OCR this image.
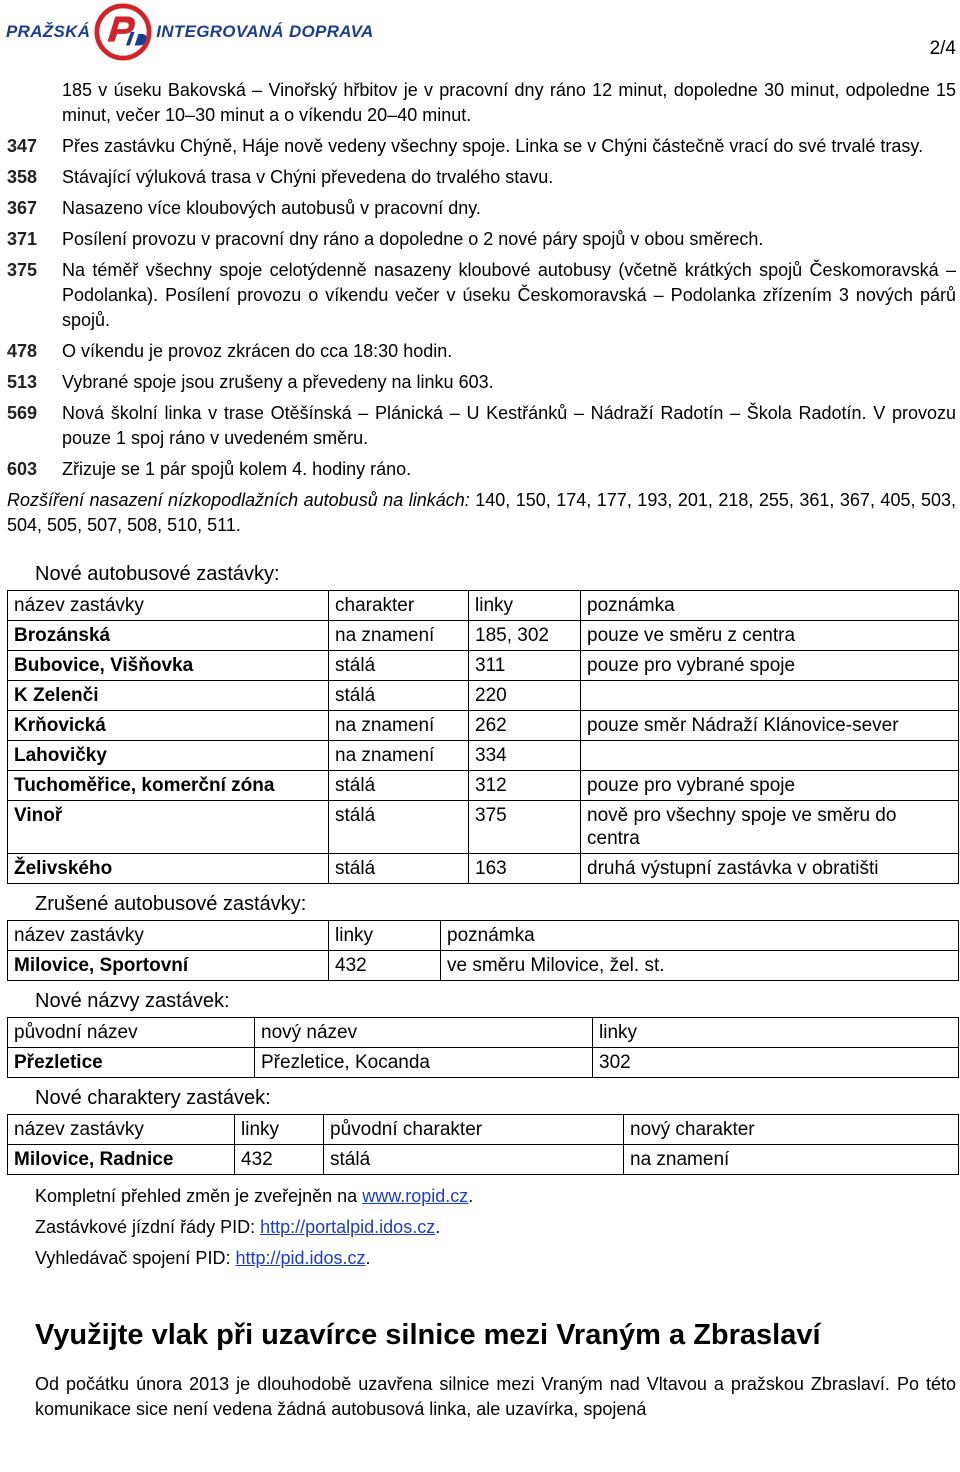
PRAŽSKÁ	INTEGROVANÁ DOPRAVA
2/4
185 v úseku Bakovská – Vinořský hřbitov je v pracovní dny ráno 12 minut, dopoledne 30 minut, odpoledne 15 minut, večer 10–30 minut a o víkendu 20–40 minut.
347	Přes zastávku Chýně, Háje nově vedeny všechny spoje. Linka se v Chýni částečně vrací do své trvalé trasy.
358	Stávající výluková trasa v Chýni převedena do trvalého stavu.
367	Nasazeno více kloubových autobusů v pracovní dny.
371	Posílení provozu v pracovní dny ráno a dopoledne o 2 nové páry spojů v obou směrech.
375	Na téměř všechny spoje celotýdenně nasazeny kloubové autobusy (včetně krátkých spojů Českomoravská – Podolanka). Posílení provozu o víkendu večer v úseku Českomoravská – Podolanka zřízením 3 nových párů spojů.
478	O víkendu je provoz zkrácen do cca 18:30 hodin.
513	Vybrané spoje jsou zrušeny a převedeny na linku 603.
569	Nová školní linka v trase Otěšínská – Plánická – U Kestřánků – Nádraží Radotín – Škola Radotín. V provozu pouze 1 spoj ráno v uvedeném směru.
603	Zřizuje se 1 pár spojů kolem 4. hodiny ráno.
Rozšíření nasazení nízkopodlažních autobusů na linkách: 140, 150, 174, 177, 193, 201, 218, 255, 361, 367, 405, 503, 504, 505, 507, 508, 510, 511.
Nové autobusové zastávky:
název zastávky	charakter	linky	poznámka
Brozánská	na znamení	185, 302	pouze ve směru z centra
Bubovice, Višňovka	stálá	311	pouze pro vybrané spoje
K Zelenči	stálá	220	
Krňovická	na znamení	262	pouze směr Nádraží Klánovice-sever
Lahovičky	na znamení	334	
Tuchoměřice, komerční zóna	stálá	312	pouze pro vybrané spoje
Vinoř	stálá	375	nově pro všechny spoje ve směru do centra
Želivského	stálá	163	druhá výstupní zastávka v obratišti
Zrušené autobusové zastávky:
název zastávky	linky	poznámka
Milovice, Sportovní	432	ve směru Milovice, žel. st.
Nové názvy zastávek:
původní název	nový název	linky
Přezletice	Přezletice, Kocanda	302
Nové charaktery zastávek:
název zastávky	linky	původní charakter	nový charakter
Milovice, Radnice	432	stálá	na znamení
Kompletní přehled změn je zveřejněn na www.ropid.cz.
Zastávkové jízdní řády PID: http://portalpid.idos.cz.
Vyhledávač spojení PID: http://pid.idos.cz.
Využijte vlak při uzavírce silnice mezi Vraným a Zbraslaví
Od počátku února 2013 je dlouhodobě uzavřena silnice mezi Vraným nad Vltavou a pražskou Zbraslaví. Po této komunikace sice není vedena žádná autobusová linka, ale uzavírka, spojená
